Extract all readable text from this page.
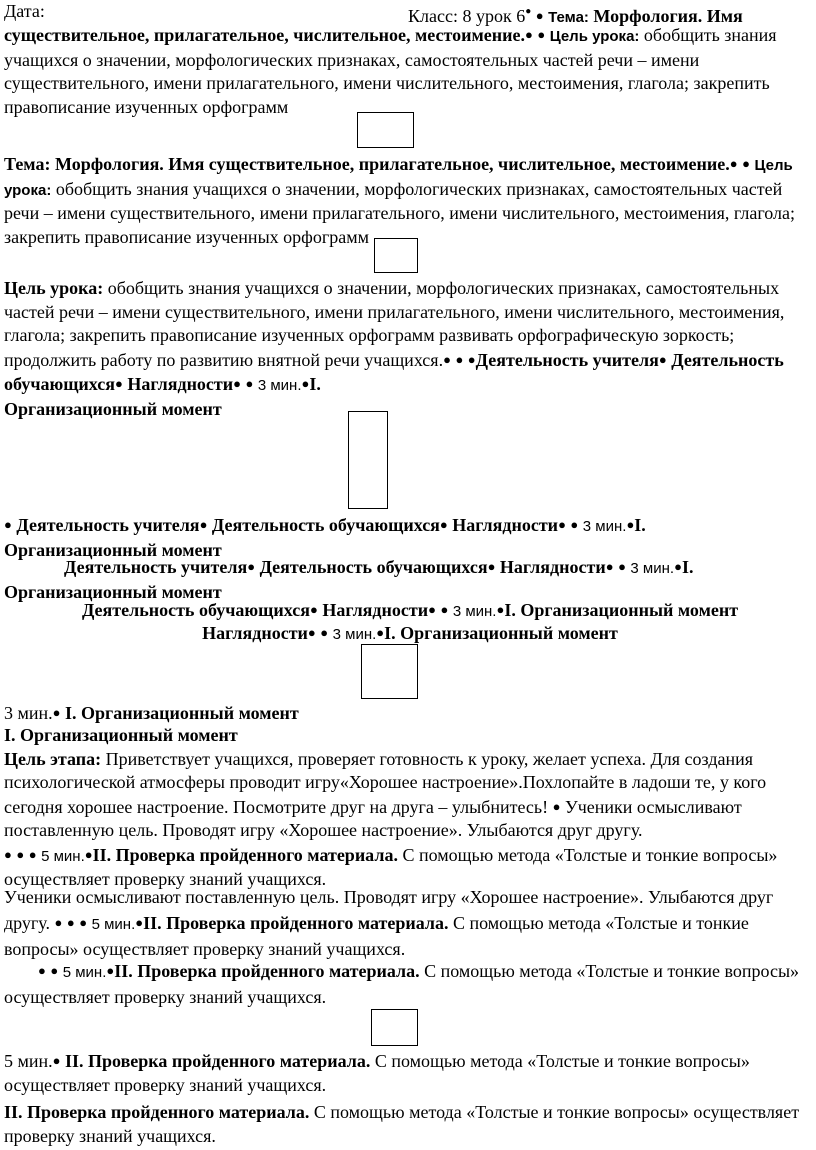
Дата:	Класс: 8 урок 6● ● Тема: Морфология. Имя

существительное, прилагательное, числительное, местоимение.● ● Цель урока: обобщить знания учащихся о значении, морфологических признаках, самостоятельных частей речи – имени существительного, имени прилагательного, имени числительного, местоимения, глагола; закрепить правописание изученных орфограмм

Тема: Морфология. Имя существительное, прилагательное, числительное, местоимение.● ● Цель урока: обобщить знания учащихся о значении, морфологических признаках, самостоятельных частей речи – имени существительного, имени прилагательного, имени числительного, местоимения, глагола; закрепить правописание изученных орфограмм

Цель урока: обобщить знания учащихся о значении, морфологических признаках, самостоятельных частей речи – имени существительного, имени прилагательного, имени числительного, местоимения, глагола; закрепить правописание изученных орфограмм развивать орфографическую зоркость; продолжить работу по развитию внятной речи учащихся.● ● ●Деятельность учителя● Деятельность обучающихся● Наглядности● ● 3 мин.●I.
Организационный момент

● Деятельность учителя● Деятельность обучающихся● Наглядности● ● 3 мин.●I.
Организационный момент

Деятельность учителя● Деятельность обучающихся● Наглядности● ● 3 мин.●I.
Организационный момент

Деятельность обучающихся● Наглядности● ● 3 мин.●I. Организационный момент

Наглядности● ● 3 мин.●I. Организационный момент

3 мин.● I. Организационный момент

I. Организационный момент
Цель этапа: Приветствует учащихся, проверяет готовность к уроку, желает успеха. Для создания психологической атмосферы проводит игру«Хорошее настроение».Похлопайте в ладоши те, у кого сегодня хорошее настроение. Посмотрите друг на друга – улыбнитесь! ● Ученики осмысливают поставленную цель. Проводят игру «Хорошее настроение». Улыбаются друг другу.
● ● ● 5 мин.●II. Проверка пройденного материала. С помощью метода «Толстые и тонкие вопросы» осуществляет проверку знаний учащихся.

Ученики осмысливают поставленную цель. Проводят игру «Хорошее настроение». Улыбаются друг другу. ● ● ● 5 мин.●II. Проверка пройденного материала. С помощью метода «Толстые и тонкие вопросы» осуществляет проверку знаний учащихся.

● ● 5 мин.●II. Проверка пройденного материала. С помощью метода «Толстые и тонкие вопросы» осуществляет проверку знаний учащихся.

5 мин.● II. Проверка пройденного материала. С помощью метода «Толстые и тонкие вопросы» осуществляет проверку знаний учащихся.

II. Проверка пройденного материала. С помощью метода «Толстые и тонкие вопросы» осуществляет проверку знаний учащихся.
